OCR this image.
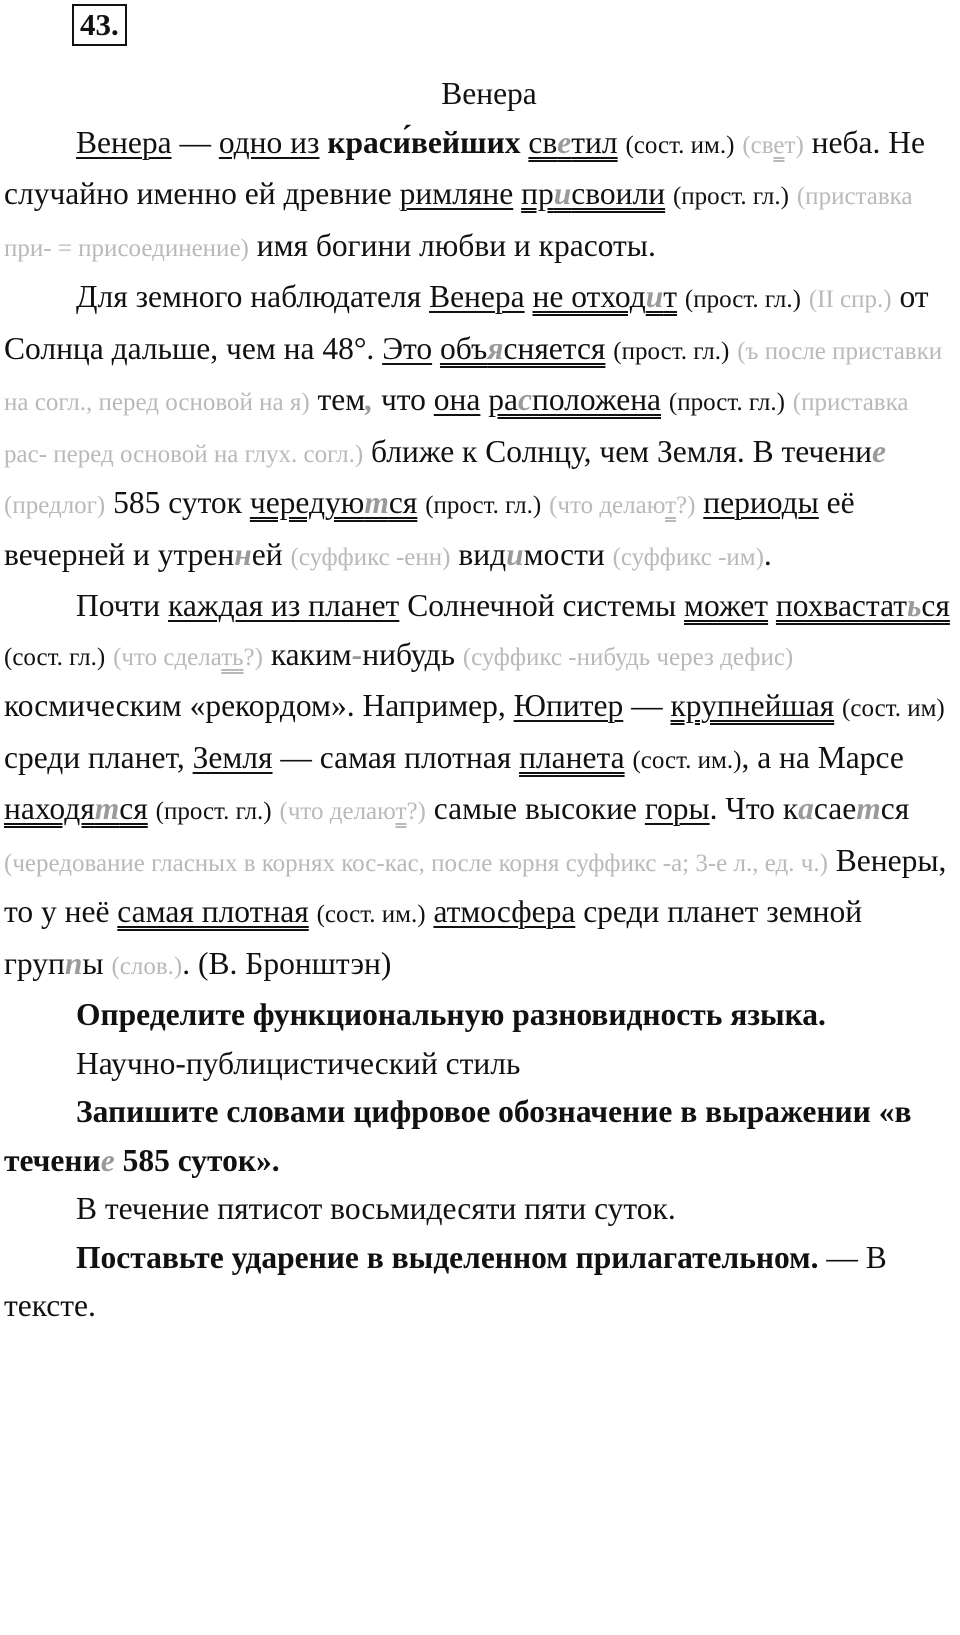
43.

Венера

Венера — одно из краси́вейших светил (сост. им.) (свет) неба. Не случайно именно ей древние римляне присвоили (прост. гл.) (приставка при- = присоединение) имя богини любви и красоты.

Для земного наблюдателя Венера не отходит (прост. гл.) (II спр.) от Солнца дальше, чем на 48°. Это объясняется (прост. гл.) (ъ после приставки на согл., перед основой на я) тем, что она расположена (прост. гл.) (приставка рас- перед основой на глух. согл.) ближе к Солнцу, чем Земля. В течение (предлог) 585 суток чередуются (прост. гл.) (что делают?) периоды её вечерней и утренней (суффикс -енн) видимости (суффикс -им).

Почти каждая из планет Солнечной системы может похвастаться (сост. гл.) (что сделать?) каким-нибудь (суффикс -нибудь через дефис) космическим «рекордом». Например, Юпитер — крупнейшая (сост. им) среди планет, Земля — самая плотная планета (сост. им.), а на Марсе находятся (прост. гл.) (что делают?) самые высокие горы. Что касается (чередование гласных в корнях кос-кас, после корня суффикс -а; 3-е л., ед. ч.) Венеры, то у неё самая плотная (сост. им.) атмосфера среди планет земной группы (слов.). (В. Бронштэн)

Определите функциональную разновидность языка.

Научно-публицистический стиль

Запишите словами цифровое обозначение в выражении «в течение 585 суток».

В течение пятисот восьмидесяти пяти суток.

Поставьте ударение в выделенном прилагательном. — В тексте.
